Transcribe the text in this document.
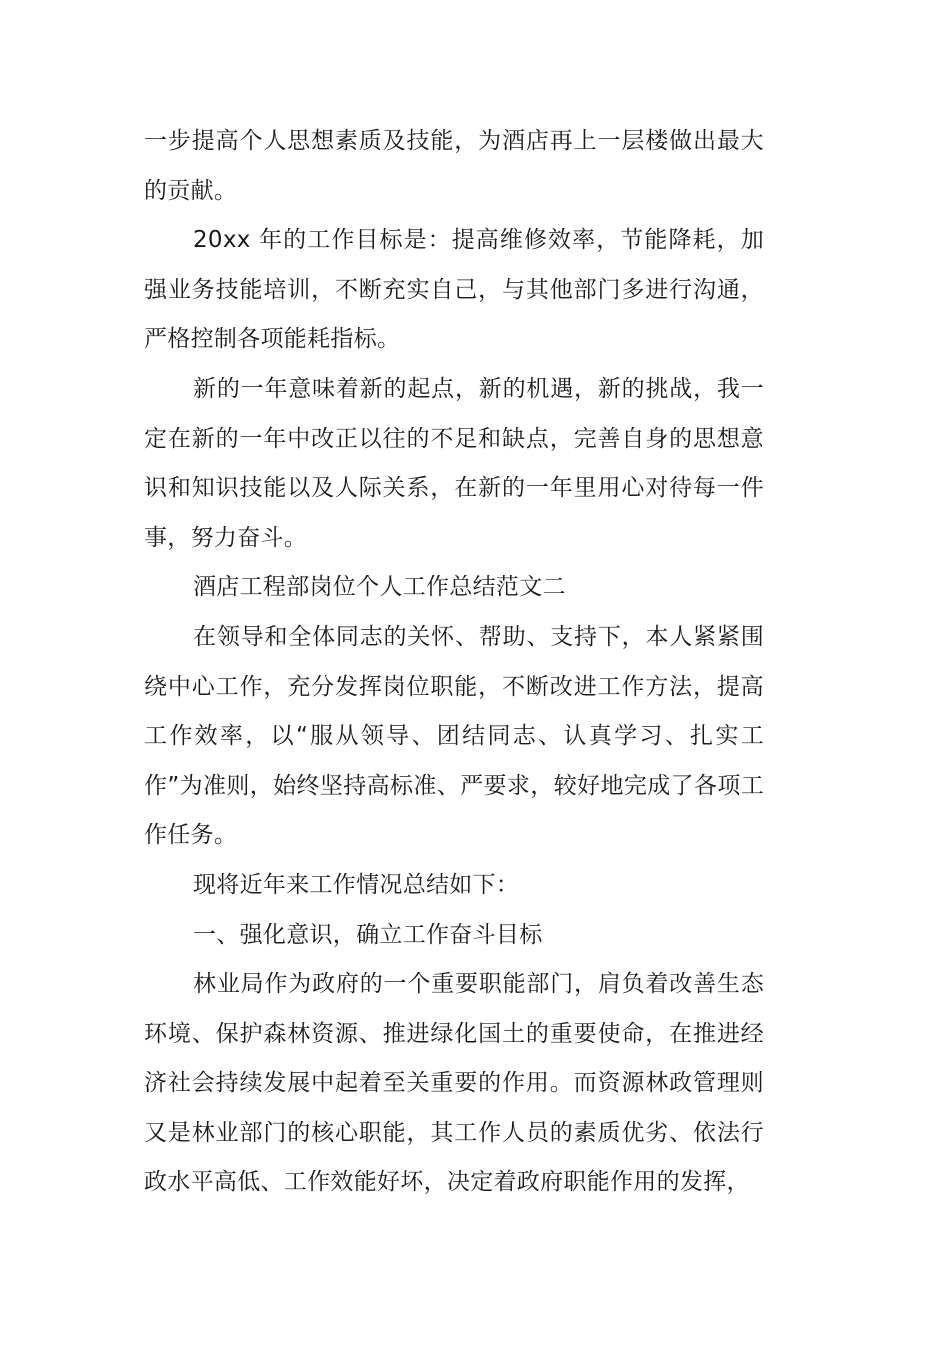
一步提高个人思想素质及技能，为酒店再上一层楼做出最大的贡献。

20xx 年的工作目标是：提高维修效率，节能降耗，加强业务技能培训，不断充实自己，与其他部门多进行沟通，严格控制各项能耗指标。

新的一年意味着新的起点，新的机遇，新的挑战，我一定在新的一年中改正以往的不足和缺点，完善自身的思想意识和知识技能以及人际关系，在新的一年里用心对待每一件事，努力奋斗。

酒店工程部岗位个人工作总结范文二

在领导和全体同志的关怀、帮助、支持下，本人紧紧围绕中心工作，充分发挥岗位职能，不断改进工作方法，提高工作效率，以“服从领导、团结同志、认真学习、扎实工作”为准则，始终坚持高标准、严要求，较好地完成了各项工作任务。

现将近年来工作情况总结如下：

一、强化意识，确立工作奋斗目标

林业局作为政府的一个重要职能部门，肩负着改善生态环境、保护森林资源、推进绿化国土的重要使命，在推进经济社会持续发展中起着至关重要的作用。而资源林政管理则又是林业部门的核心职能，其工作人员的素质优劣、依法行政水平高低、工作效能好坏，决定着政府职能作用的发挥，
